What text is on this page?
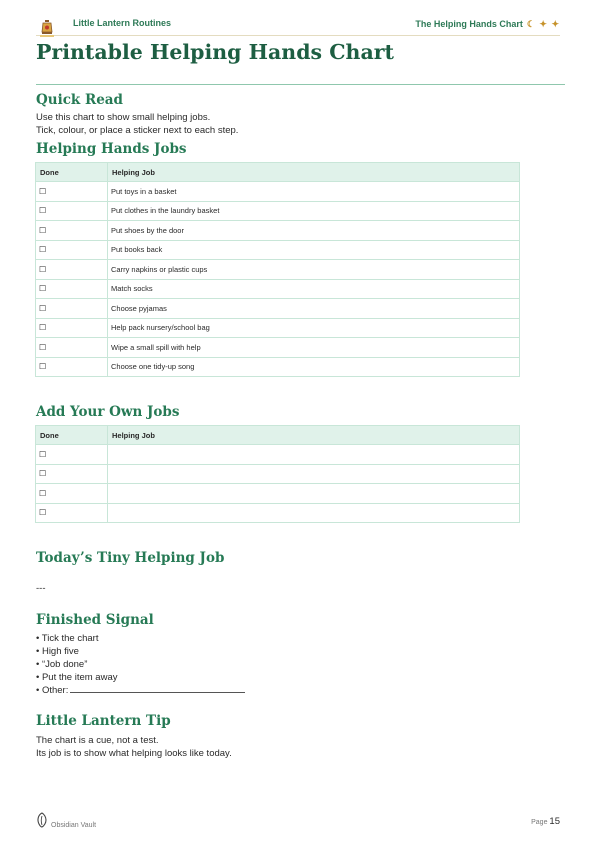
Little Lantern Routines	The Helping Hands Chart ☾ ✦ ✦
Printable Helping Hands Chart
Quick Read
Use this chart to show small helping jobs.
Tick, colour, or place a sticker next to each step.
Helping Hands Jobs
Done	Helping Job
☐	Put toys in a basket
☐	Put clothes in the laundry basket
☐	Put shoes by the door
☐	Put books back
☐	Carry napkins or plastic cups
☐	Match socks
☐	Choose pyjamas
☐	Help pack nursery/school bag
☐	Wipe a small spill with help
☐	Choose one tidy-up song
Add Your Own Jobs
Done	Helping Job
☐	
☐	
☐	
☐	
Today’s Tiny Helping Job
---
Finished Signal
• Tick the chart
• High five
• “Job done”
• Put the item away
• Other:
Little Lantern Tip
The chart is a cue, not a test.
Its job is to show what helping looks like today.
Obsidian Vault	Page 15
